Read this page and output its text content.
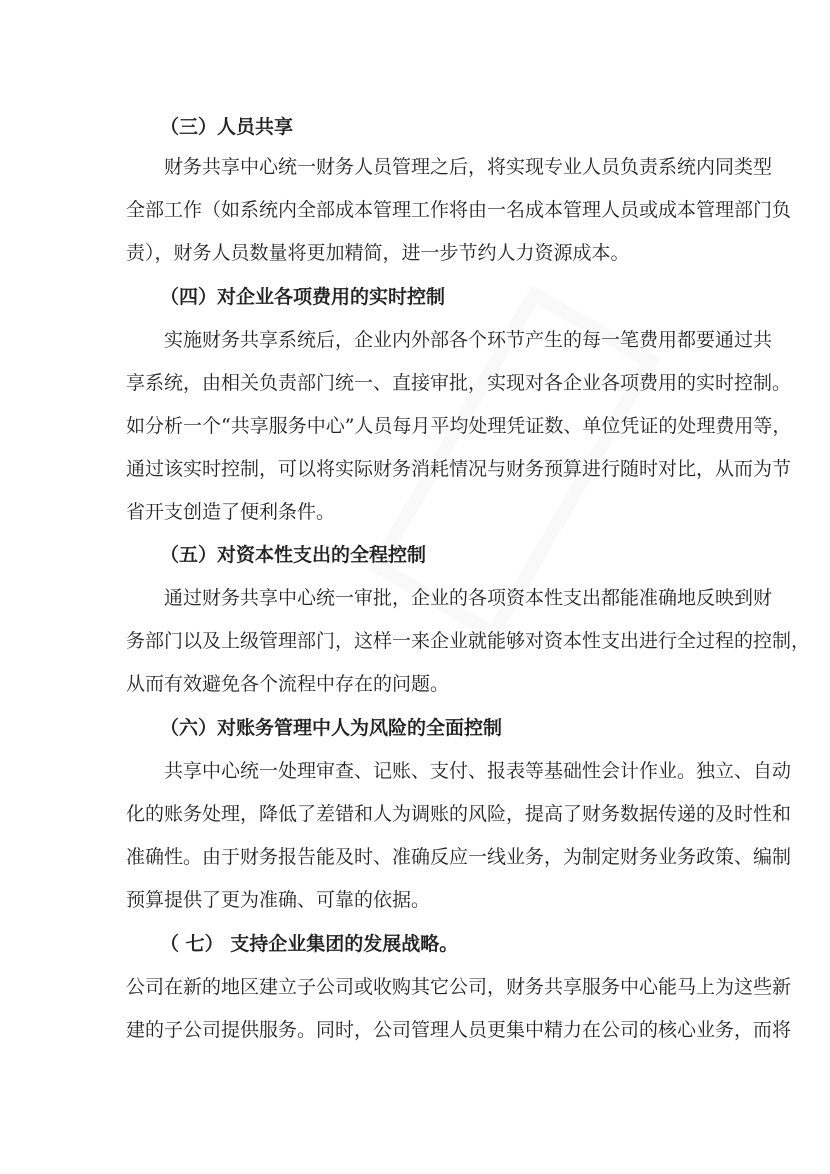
（三）人员共享
财务共享中心统一财务人员管理之后，将实现专业人员负责系统内同类型
全部工作（如系统内全部成本管理工作将由一名成本管理人员或成本管理部门负
责），财务人员数量将更加精简，进一步节约人力资源成本。
（四）对企业各项费用的实时控制
实施财务共享系统后，企业内外部各个环节产生的每一笔费用都要通过共
享系统，由相关负责部门统一、直接审批，实现对各企业各项费用的实时控制。
如分析一个“共享服务中心”人员每月平均处理凭证数、单位凭证的处理费用等，
通过该实时控制，可以将实际财务消耗情况与财务预算进行随时对比，从而为节
省开支创造了便利条件。
（五）对资本性支出的全程控制
通过财务共享中心统一审批，企业的各项资本性支出都能准确地反映到财
务部门以及上级管理部门，这样一来企业就能够对资本性支出进行全过程的控制，
从而有效避免各个流程中存在的问题。
（六）对账务管理中人为风险的全面控制
共享中心统一处理审查、记账、支付、报表等基础性会计作业。独立、自动
化的账务处理，降低了差错和人为调账的风险，提高了财务数据传递的及时性和
准确性。由于财务报告能及时、准确反应一线业务，为制定财务业务政策、编制
预算提供了更为准确、可靠的依据。
（ 七） 支持企业集团的发展战略。
公司在新的地区建立子公司或收购其它公司，财务共享服务中心能马上为这些新
建的子公司提供服务。同时，公司管理人员更集中精力在公司的核心业务，而将
